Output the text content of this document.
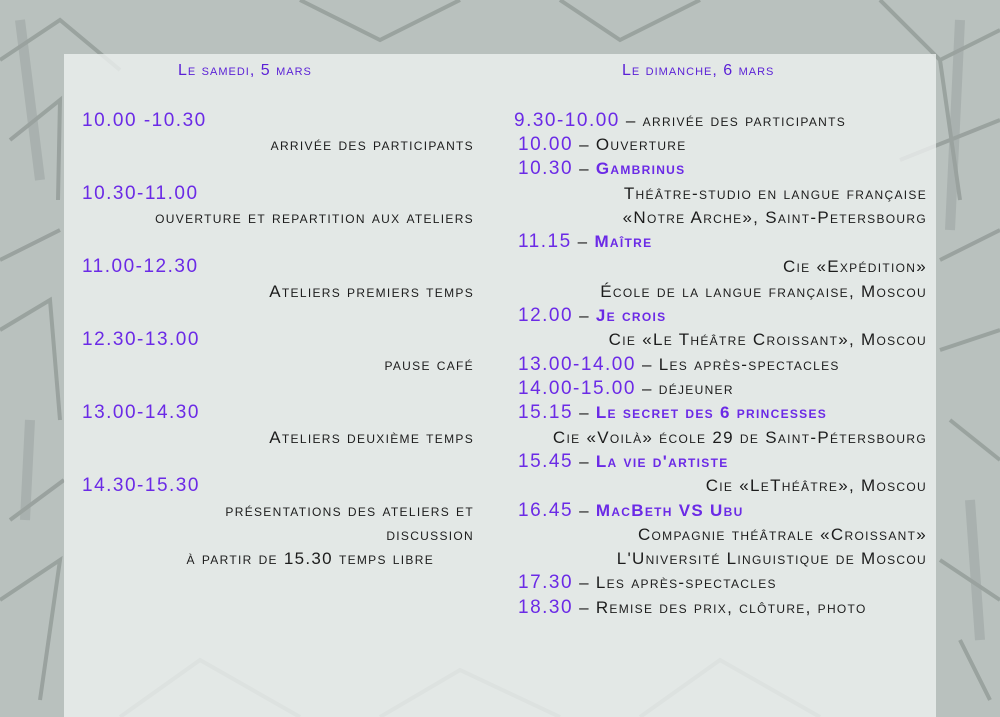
Le samedi, 5 mars
10.00 -10.30
arrivée des participants
10.30-11.00
ouverture et repartition aux ateliers
11.00-12.30
Ateliers premiers temps
12.30-13.00
pause café
13.00-14.30
Ateliers deuxième temps
14.30-15.30
présentations des ateliers et
discussion
à partir de 15.30 temps libre
Le dimanche, 6 mars
9.30-10.00 – arrivée des participants
10.00 – Ouverture
10.30 – Gambrinus
Théâtre-studio en langue française
«Notre Arche», Saint-Petersbourg
11.15 – Maître
Cie «Expédition»
École de la langue française, Moscou
12.00 – Je crois
Cie «Le Théâtre Croissant», Moscou
13.00-14.00 – Les après-spectacles
14.00-15.00 – déjeuner
15.15 – Le secret des 6 princesses
Cie «Voilà» école 29 de Saint-Pétersbourg
15.45 – La vie d'artiste
Cie «LeThéâtre», Moscou
16.45 – MacBeth VS Ubu
Compagnie théâtrale «Croissant»
L'Université Linguistique de Moscou
17.30 – Les après-spectacles
18.30 – Remise des prix, clôture, photo
